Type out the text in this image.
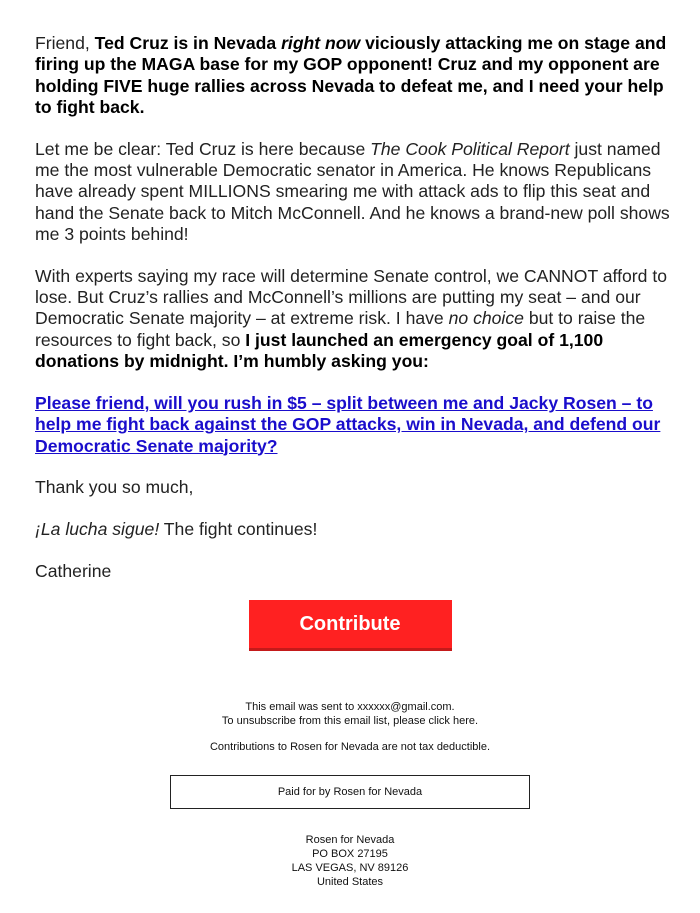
Friend, Ted Cruz is in Nevada right now viciously attacking me on stage and firing up the MAGA base for my GOP opponent! Cruz and my opponent are holding FIVE huge rallies across Nevada to defeat me, and I need your help to fight back.

Let me be clear: Ted Cruz is here because The Cook Political Report just named me the most vulnerable Democratic senator in America. He knows Republicans have already spent MILLIONS smearing me with attack ads to flip this seat and hand the Senate back to Mitch McConnell. And he knows a brand-new poll shows me 3 points behind!

With experts saying my race will determine Senate control, we CANNOT afford to lose. But Cruz’s rallies and McConnell’s millions are putting my seat – and our Democratic Senate majority – at extreme risk. I have no choice but to raise the resources to fight back, so I just launched an emergency goal of 1,100 donations by midnight. I’m humbly asking you:

Please friend, will you rush in $5 – split between me and Jacky Rosen – to help me fight back against the GOP attacks, win in Nevada, and defend our Democratic Senate majority?

Thank you so much,

¡La lucha sigue! The fight continues!

Catherine

Contribute

This email was sent to xxxxxx@gmail.com.

To unsubscribe from this email list, please click here.

Contributions to Rosen for Nevada are not tax deductible.

Paid for by Rosen for Nevada

Rosen for Nevada
PO BOX 27195
LAS VEGAS, NV 89126
United States
